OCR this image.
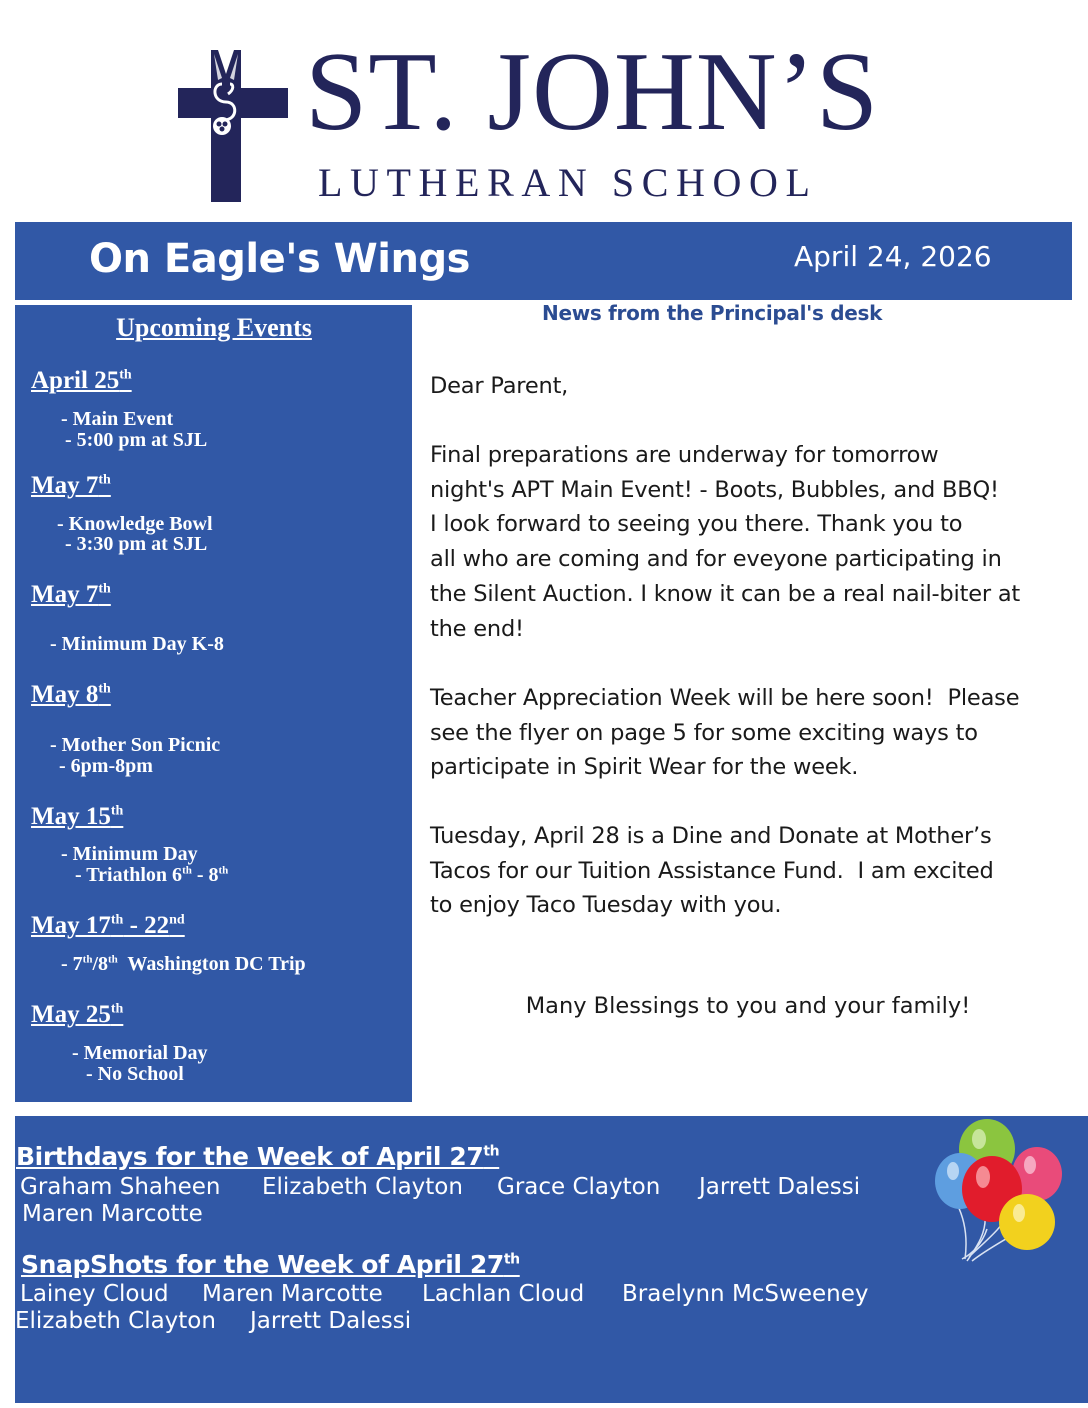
ST. JOHN’S
LUTHERAN SCHOOL
On Eagle's Wings	April 24, 2026
Upcoming Events
April 25th
- Main Event
- 5:00 pm at SJL
May 7th
- Knowledge Bowl
- 3:30 pm at SJL
May 7th
- Minimum Day K-8
May 8th
- Mother Son Picnic
- 6pm-8pm
May 15th
- Minimum Day
- Triathlon 6th - 8th
May 17th - 22nd
- 7th/8th  Washington DC Trip
May 25th
- Memorial Day
- No School
News from the Principal's desk
Dear Parent,
Final preparations are underway for tomorrow
night's APT Main Event! - Boots, Bubbles, and BBQ!
I look forward to seeing you there. Thank you to
all who are coming and for eveyone participating in
the Silent Auction. I know it can be a real nail-biter at
the end!
Teacher Appreciation Week will be here soon!  Please
see the flyer on page 5 for some exciting ways to
participate in Spirit Wear for the week.
Tuesday, April 28 is a Dine and Donate at Mother’s
Tacos for our Tuition Assistance Fund.  I am excited
to enjoy Taco Tuesday with you.
Many Blessings to you and your family!
Birthdays for the Week of April 27th
Graham Shaheen Elizabeth Clayton Grace Clayton Jarrett Dalessi
Maren Marcotte
SnapShots for the Week of April 27th
Lainey Cloud Maren Marcotte Lachlan Cloud Braelynn McSweeney
Elizabeth Clayton Jarrett Dalessi
